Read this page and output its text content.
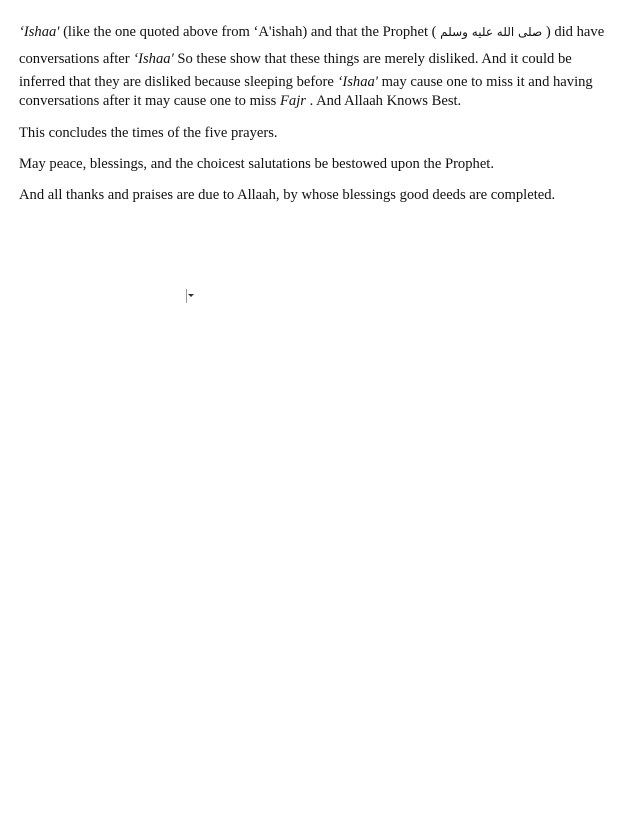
‘Ishaa' (like the one quoted above from ‘A'ishah) and that the Prophet ( صلى الله عليه وسلم ) did have
conversations after ‘Ishaa' So these show that these things are merely disliked. And it could be
inferred that they are disliked because sleeping before ‘Ishaa' may cause one to miss it and having
conversations after it may cause one to miss Fajr . And Allaah Knows Best.

This concludes the times of the five prayers.

May peace, blessings, and the choicest salutations be bestowed upon the Prophet.

And all thanks and praises are due to Allaah, by whose blessings good deeds are completed.
